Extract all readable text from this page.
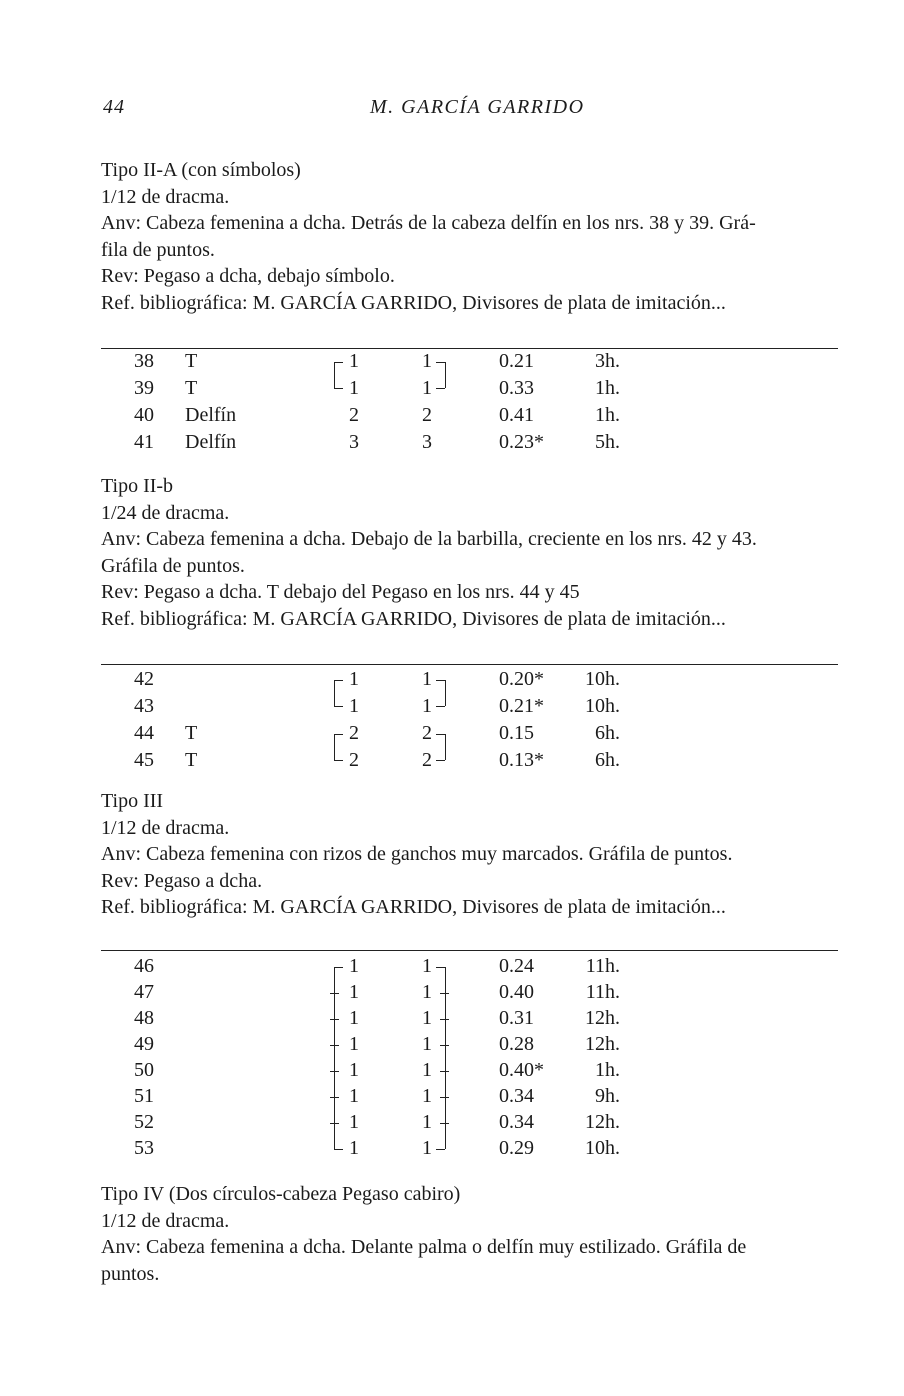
44	M. GARCÍA GARRIDO

Tipo II-A (con símbolos)

1/12 de dracma.

Anv: Cabeza femenina a dcha. Detrás de la cabeza delfín en los nrs. 38 y 39. Grá-

fila de puntos.

Rev: Pegaso a dcha, debajo símbolo.

Ref. bibliográfica: M. GARCÍA GARRIDO, Divisores de plata de imitación...

38 T	1	1	0.21	3h.
39 T	1	1	0.33	1h.
40 Delfín	2	2	0.41	1h.
41 Delfín	3	3	0.23*	5h.

Tipo II-b

1/24 de dracma.

Anv: Cabeza femenina a dcha. Debajo de la barbilla, creciente en los nrs. 42 y 43.

Gráfila de puntos.

Rev: Pegaso a dcha. T debajo del Pegaso en los nrs. 44 y 45

Ref. bibliográfica: M. GARCÍA GARRIDO, Divisores de plata de imitación...

42	1	1	0.20*	10h.
43	1	1	0.21*	10h.
44 T	2	2	0.15	6h.
45 T	2	2	0.13*	6h.

Tipo III

1/12 de dracma.

Anv: Cabeza femenina con rizos de ganchos muy marcados. Gráfila de puntos.

Rev: Pegaso a dcha.

Ref. bibliográfica: M. GARCÍA GARRIDO, Divisores de plata de imitación...

46	1	1	0.24	11h.
47	1	1	0.40	11h.
48	1	1	0.31	12h.
49	1	1	0.28	12h.
50	1	1	0.40*	1h.
51	1	1	0.34	9h.
52	1	1	0.34	12h.
53	1	1	0.29	10h.

Tipo IV (Dos círculos-cabeza Pegaso cabiro)

1/12 de dracma.

Anv: Cabeza femenina a dcha. Delante palma o delfín muy estilizado. Gráfila de

puntos.
